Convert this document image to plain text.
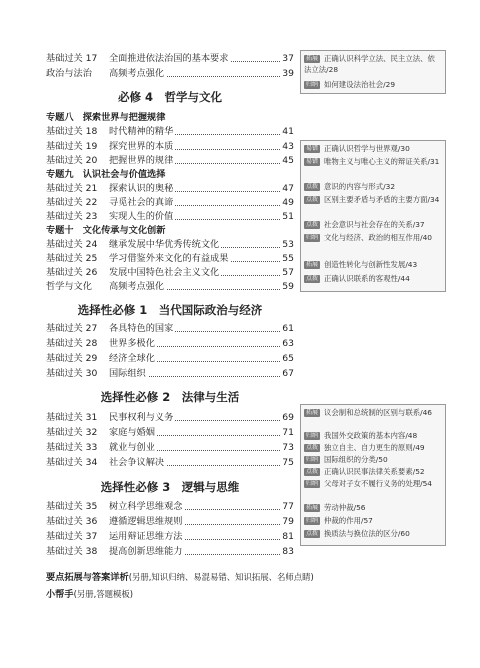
基础过关 17 全面推进依法治国的基本要求	37
政治与法治 高频考点强化	39
必修 4　哲学与文化
专题八　探索世界与把握规律
基础过关 18 时代精神的精华	41
基础过关 19 探究世界的本质	43
基础过关 20 把握世界的规律	45
专题九　认识社会与价值选择
基础过关 21 探索认识的奥秘	47
基础过关 22 寻觅社会的真谛	49
基础过关 23 实现人生的价值	51
专题十　文化传承与文化创新
基础过关 24 继承发展中华优秀传统文化	53
基础过关 25 学习借鉴外来文化的有益成果	55
基础过关 26 发展中国特色社会主义文化	57
哲学与文化 高频考点强化	59
选择性必修 1　当代国际政治与经济
基础过关 27 各具特色的国家	61
基础过关 28 世界多极化	63
基础过关 29 经济全球化	65
基础过关 30 国际组织	67
选择性必修 2　法律与生活
基础过关 31 民事权利与义务	69
基础过关 32 家庭与婚姻	71
基础过关 33 就业与创业	73
基础过关 34 社会争议解决	75
选择性必修 3　逻辑与思维
基础过关 35 树立科学思维观念	77
基础过关 36 遵循逻辑思维规则	79
基础过关 37 运用辩证思维方法	81
基础过关 38 提高创新思维能力	83
拓展 正确认识科学立法、民主立法、依法立法/28
归纳 如何建设法治社会/29
易错 正确认识哲学与世界观/30
易错 唯物主义与唯心主义的辩证关系/31
点拨 意识的内容与形式/32
点拨 区别主要矛盾与矛盾的主要方面/34
点拨 社会意识与社会存在的关系/37
归纳 文化与经济、政治的相互作用/40
拓展 创造性转化与创新性发展/43
点拨 正确认识联系的客观性/44
拓展 议会制和总统制的区别与联系/46
归纳 我国外交政策的基本内容/48
点拨 独立自主、自力更生的原则/49
归纳 国际组织的分类/50
点拨 正确认识民事法律关系要素/52
归纳 父母对子女不履行义务的处理/54
拓展 劳动仲裁/56
归纳 仲裁的作用/57
点拨 换质法与换位法的区分/60
要点拓展与答案详析(另册,知识归纳、易混易错、知识拓展、名师点睛)
小帮手(另册,答题模板)
